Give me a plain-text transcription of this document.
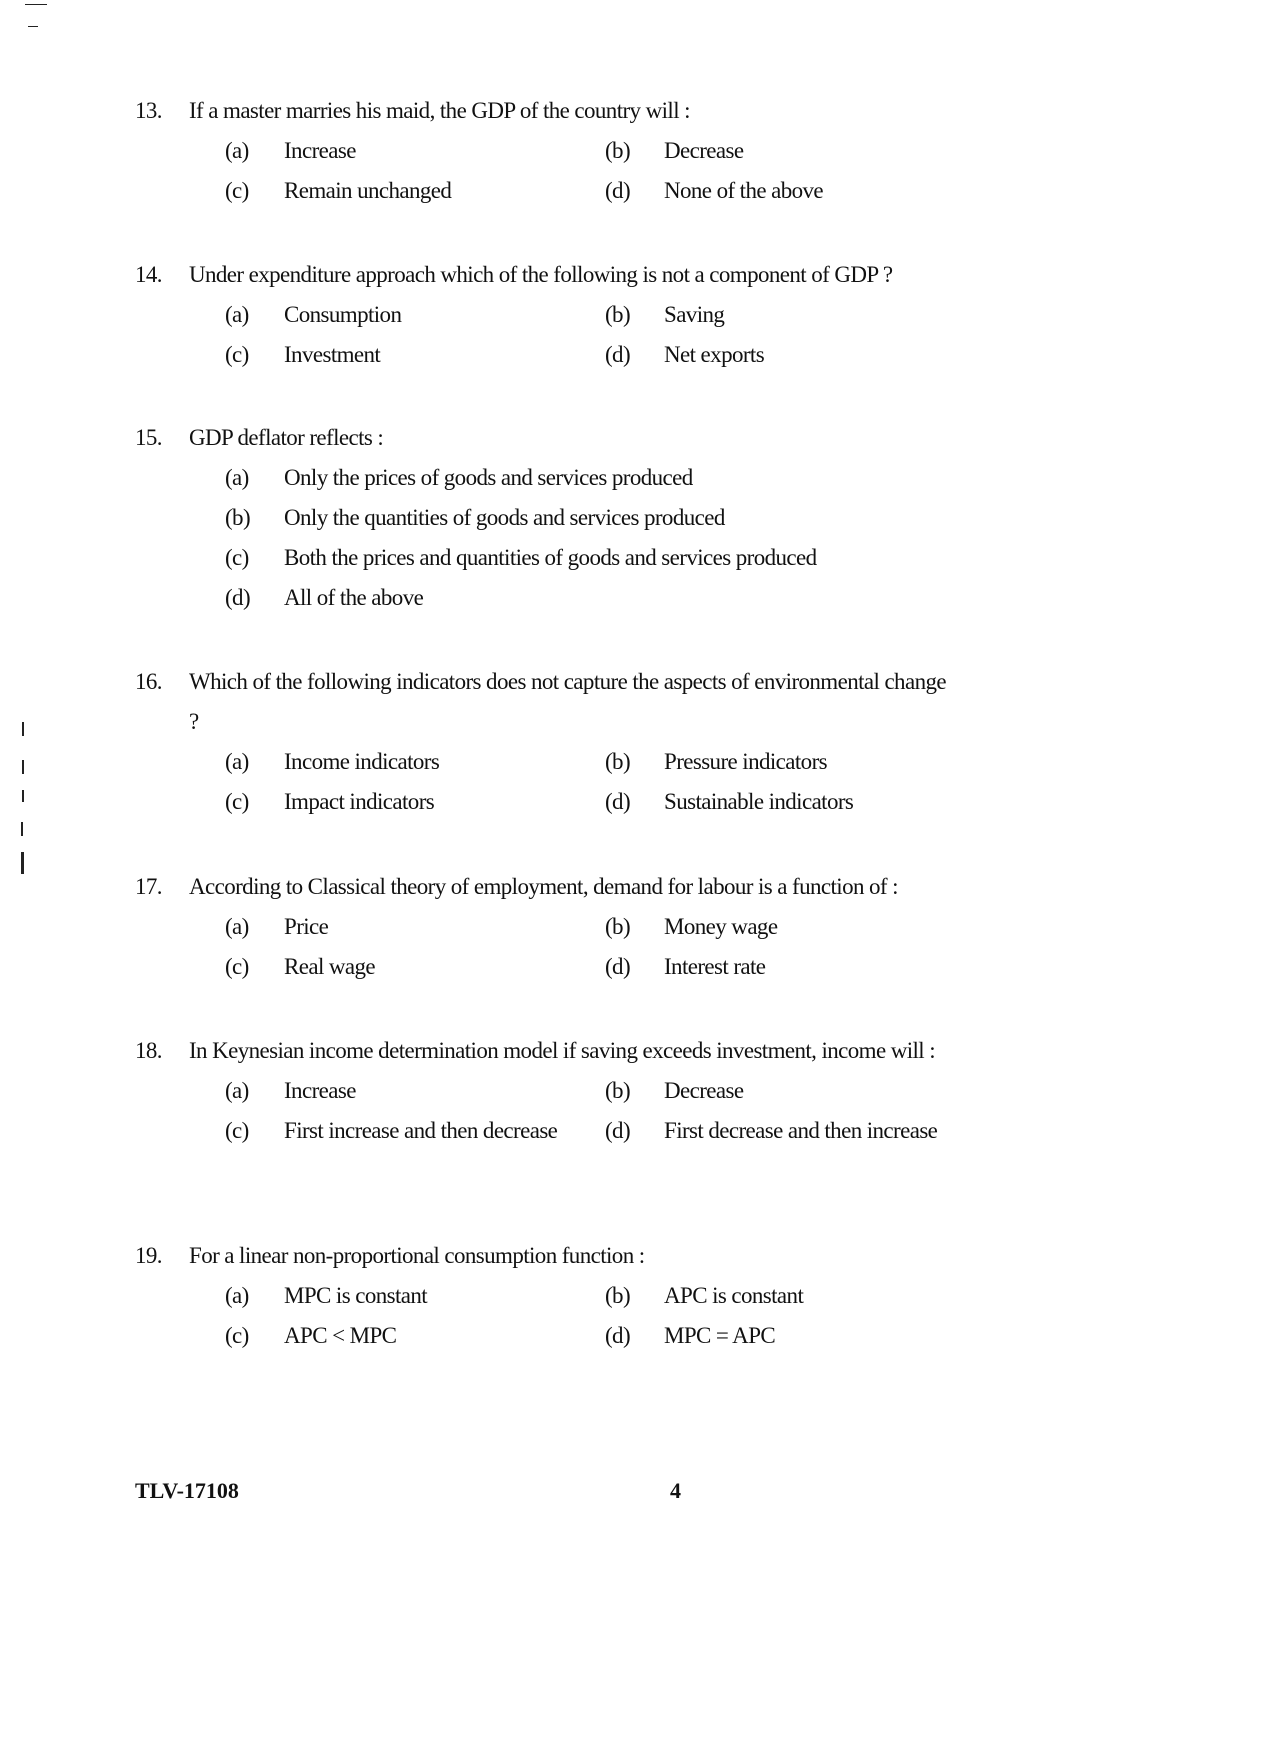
13.	If a master marries his maid, the GDP of the country will :
(a)	Increase	(b)	Decrease
(c)	Remain unchanged	(d)	None of the above
14.	Under expenditure approach which of the following is not a component of GDP ?
(a)	Consumption	(b)	Saving
(c)	Investment	(d)	Net exports
15.	GDP deflator reflects :
(a)	Only the prices of goods and services produced
(b)	Only the quantities of goods and services produced
(c)	Both the prices and quantities of goods and services produced
(d)	All of the above
16.	Which of the following indicators does not capture the aspects of environmental change ?
(a)	Income indicators	(b)	Pressure indicators
(c)	Impact indicators	(d)	Sustainable indicators
17.	According to Classical theory of employment, demand for labour is a function of :
(a)	Price	(b)	Money wage
(c)	Real wage	(d)	Interest rate
18.	In Keynesian income determination model if saving exceeds investment, income will :
(a)	Increase	(b)	Decrease
(c)	First increase and then decrease (d)	First decrease and then increase
19.	For a linear non-proportional consumption function :
(a)	MPC is constant	(b)	APC is constant
(c)	APC < MPC	(d)	MPC = APC
TLV-17108	4
